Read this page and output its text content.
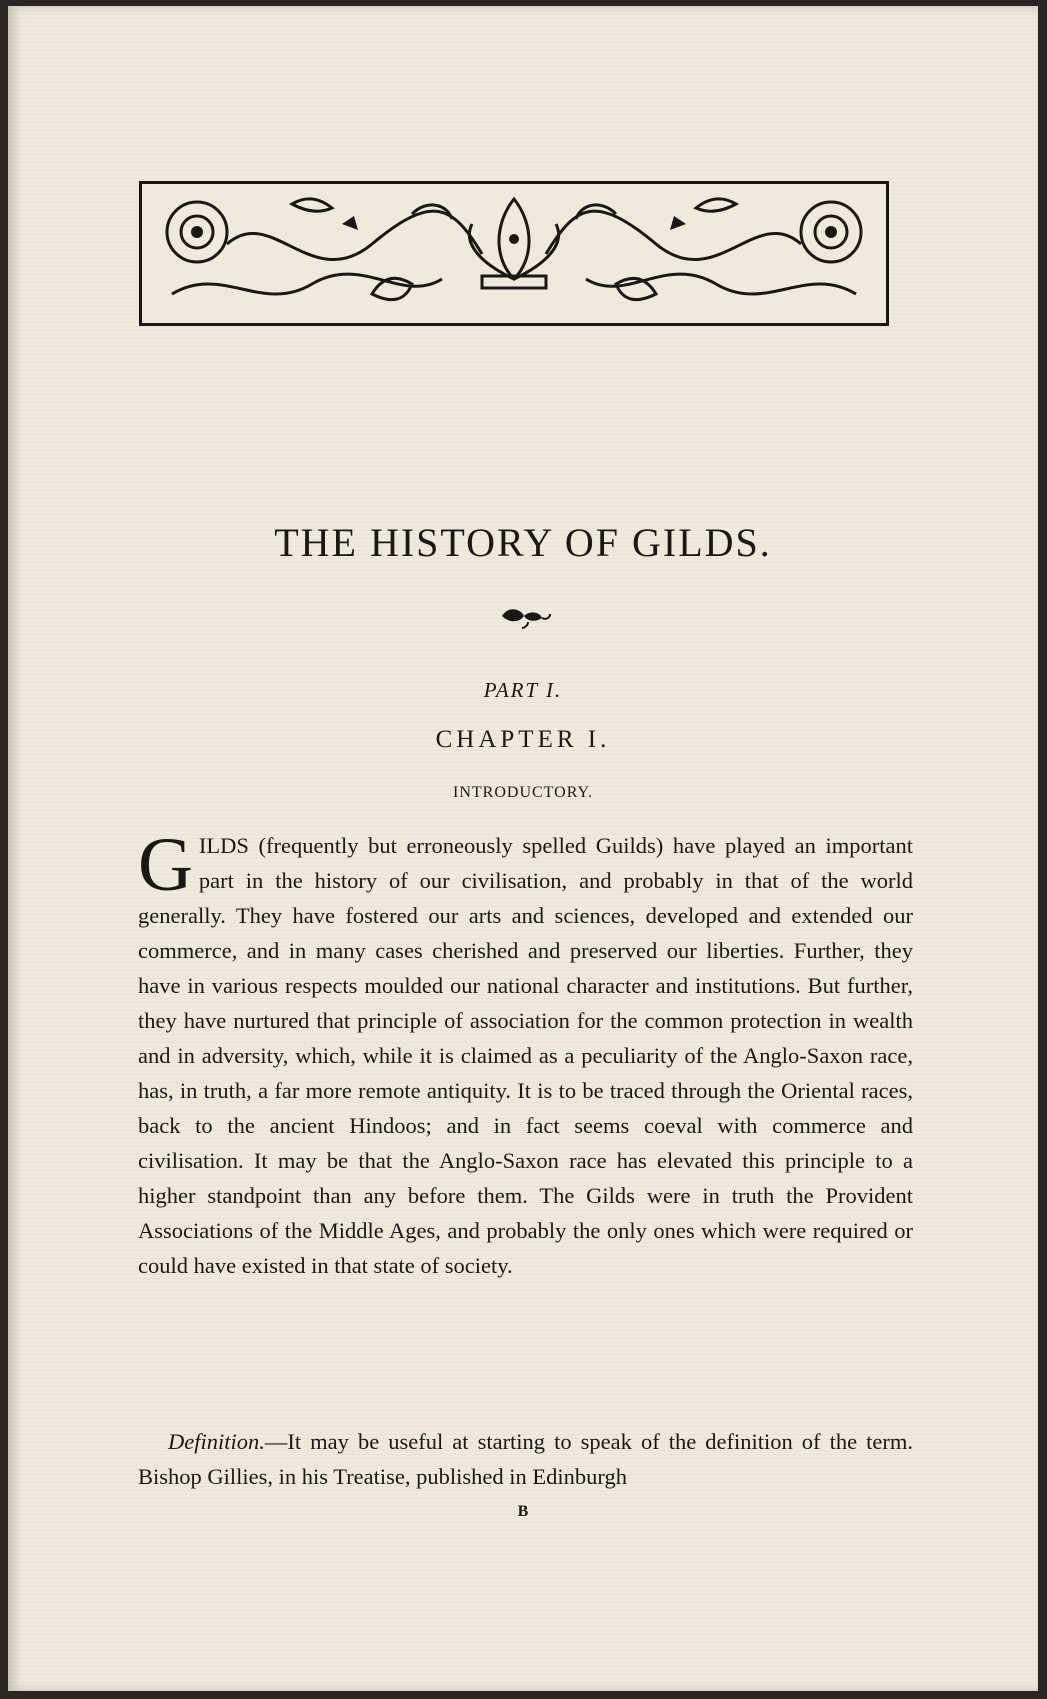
THE HISTORY OF GILDS.
PART I.
CHAPTER I.
INTRODUCTORY.
GILDS (frequently but erroneously spelled Guilds) have played an important part in the history of our civilisation, and probably in that of the world generally. They have fostered our arts and sciences, developed and extended our commerce, and in many cases cherished and preserved our liberties. Further, they have in various respects moulded our national character and institutions. But further, they have nurtured that principle of association for the common protection in wealth and in adversity, which, while it is claimed as a peculiarity of the Anglo-Saxon race, has, in truth, a far more remote antiquity. It is to be traced through the Oriental races, back to the ancient Hindoos; and in fact seems coeval with commerce and civilisation. It may be that the Anglo-Saxon race has elevated this principle to a higher standpoint than any before them. The Gilds were in truth the Provident Associations of the Middle Ages, and probably the only ones which were required or could have existed in that state of society.
Definition.—It may be useful at starting to speak of the definition of the term. Bishop Gillies, in his Treatise, published in Edinburgh
B
